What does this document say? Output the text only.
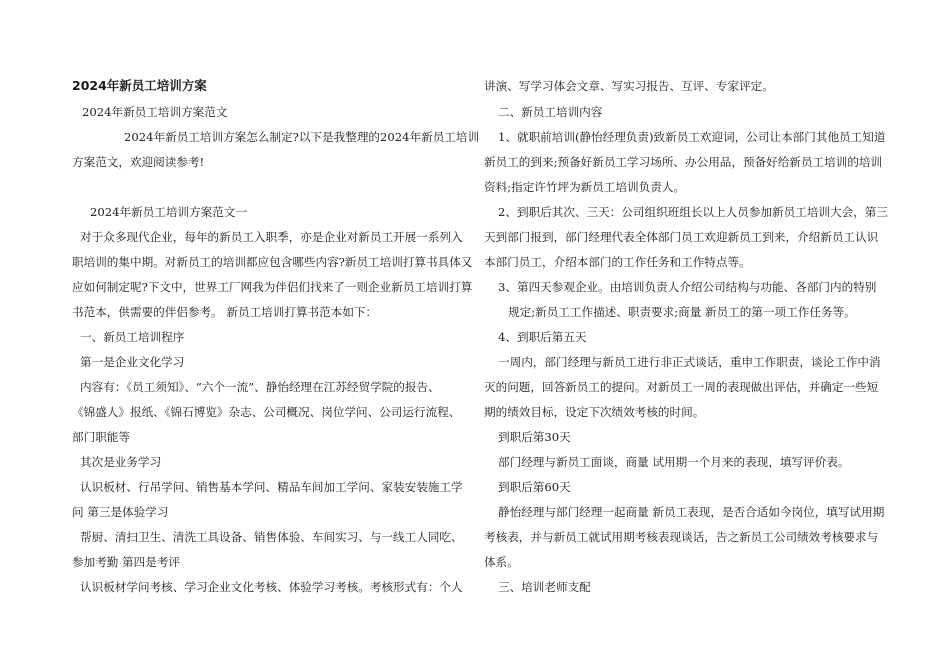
2024年新员工培训方案
2024年新员工培训方案范文
2024年新员工培训方案怎么制定?以下是我整理的2024年新员工培训
方案范文，欢迎阅读参考!
2024年新员工培训方案范文一
对于众多现代企业，每年的新员工入职季，亦是企业对新员工开展一系列入
职培训的集中期。对新员工的培训都应包含哪些内容?新员工培训打算书具体又
应如何制定呢?下文中，世界工厂网我为伴侣们找来了一则企业新员工培训打算
书范本，供需要的伴侣参考。 新员工培训打算书范本如下：
一、新员工培训程序
第一是企业文化学习
内容有：《员工须知》、“六个一流”、静怡经理在江苏经贸学院的报告、
《锦盛人》报纸、《锦石博览》杂志、公司概况、岗位学问、公司运行流程、
部门职能等
其次是业务学习
认识板材、行吊学问、销售基本学问、精品车间加工学问、家装安装施工学
问 第三是体验学习
帮厨、清扫卫生、清洗工具设备、销售体验、车间实习、与一线工人同吃、
参加考勤 第四是考评
认识板材学问考核、学习企业文化考核、体验学习考核。考核形式有：个人
讲演、写学习体会文章、写实习报告、互评、专家评定。
二、新员工培训内容
1、就职前培训(静怡经理负责)致新员工欢迎词，公司让本部门其他员工知道
新员工的到来;预备好新员工学习场所、办公用品，预备好给新员工培训的培训
资料;指定许竹坪为新员工培训负责人。
2、到职后其次、三天：公司组织班组长以上人员参加新员工培训大会，第三
天到部门报到，部门经理代表全体部门员工欢迎新员工到来，介绍新员工认识
本部门员工，介绍本部门的工作任务和工作特点等。
3、第四天参观企业。由培训负责人介绍公司结构与功能、各部门内的特别
规定;新员工工作描述、职责要求;商量 新员工的第一项工作任务等。
4、到职后第五天
一周内，部门经理与新员工进行非正式谈话，重申工作职责，谈论工作中消
灭的问题，回答新员工的提问。对新员工一周的表现做出评估，并确定一些短
期的绩效目标，设定下次绩效考核的时间。
到职后第30天
部门经理与新员工面谈，商量 试用期一个月来的表现，填写评价表。
到职后第60天
静怡经理与部门经理一起商量 新员工表现，是否合适如今岗位，填写试用期
考核表，并与新员工就试用期考核表现谈话，告之新员工公司绩效考核要求与
体系。
三、培训老师支配
